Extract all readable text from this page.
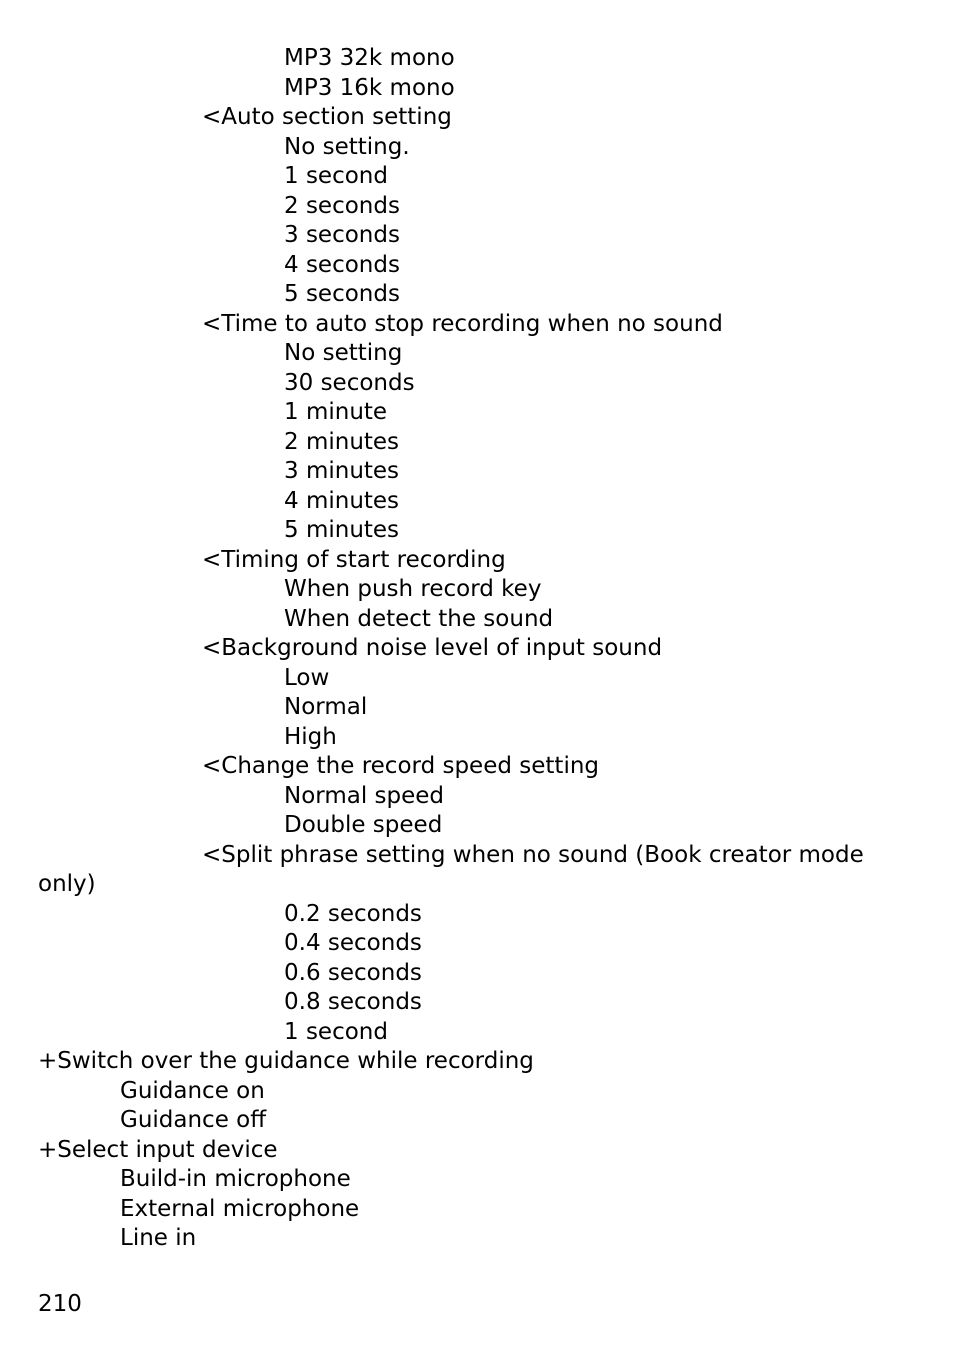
MP3 32k mono
MP3 16k mono
<Auto section setting
No setting.
1 second
2 seconds
3 seconds
4 seconds
5 seconds
<Time to auto stop recording when no sound
No setting
30 seconds
1 minute
2 minutes
3 minutes
4 minutes
5 minutes
<Timing of start recording
When push record key
When detect the sound
<Background noise level of input sound
Low
Normal
High
<Change the record speed setting
Normal speed
Double speed
<Split phrase setting when no sound (Book creator mode
only)
0.2 seconds
0.4 seconds
0.6 seconds
0.8 seconds
1 second
+Switch over the guidance while recording
Guidance on
Guidance off
+Select input device
Build-in microphone
External microphone
Line in
210
